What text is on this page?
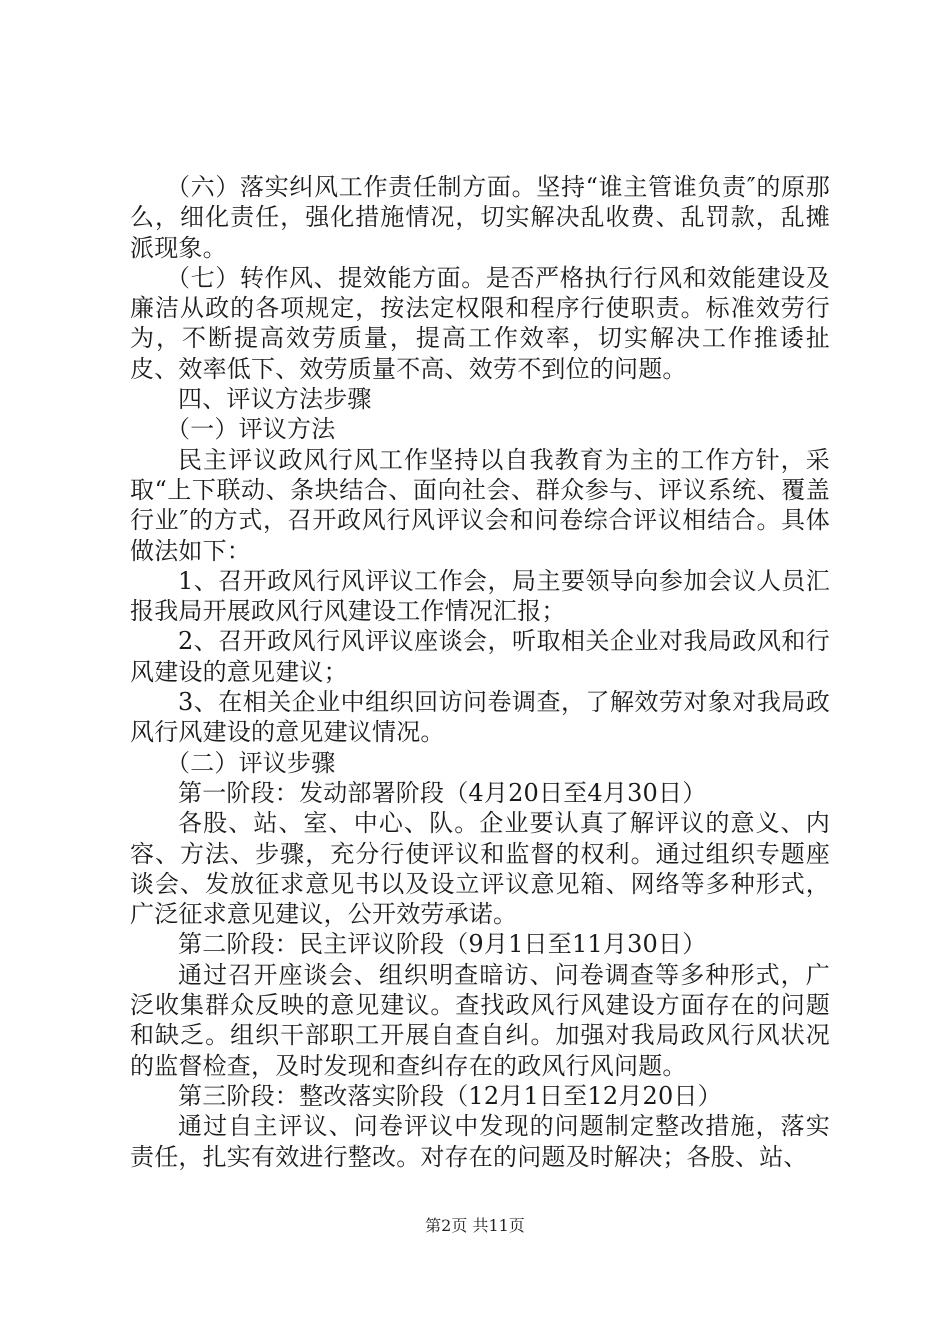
（六）落实纠风工作责任制方面。坚持“谁主管谁负责″的原那么，细化责任，强化措施情况，切实解决乱收费、乱罚款，乱摊派现象。

（七）转作风、提效能方面。是否严格执行行风和效能建设及廉洁从政的各项规定，按法定权限和程序行使职责。标准效劳行为，不断提高效劳质量，提高工作效率，切实解决工作推诿扯皮、效率低下、效劳质量不高、效劳不到位的问题。

四、评议方法步骤

（一）评议方法

民主评议政风行风工作坚持以自我教育为主的工作方针，采取“上下联动、条块结合、面向社会、群众参与、评议系统、覆盖行业″的方式，召开政风行风评议会和问卷综合评议相结合。具体做法如下：

1、召开政风行风评议工作会，局主要领导向参加会议人员汇报我局开展政风行风建设工作情况汇报；

2、召开政风行风评议座谈会，听取相关企业对我局政风和行风建设的意见建议；

3、在相关企业中组织回访问卷调查，了解效劳对象对我局政风行风建设的意见建议情况。

（二）评议步骤

第一阶段：发动部署阶段（4月20日至4月30日）

各股、站、室、中心、队。企业要认真了解评议的意义、内容、方法、步骤，充分行使评议和监督的权利。通过组织专题座谈会、发放征求意见书以及设立评议意见箱、网络等多种形式，广泛征求意见建议，公开效劳承诺。

第二阶段：民主评议阶段（9月1日至11月30日）

通过召开座谈会、组织明查暗访、问卷调查等多种形式，广泛收集群众反映的意见建议。查找政风行风建设方面存在的问题和缺乏。组织干部职工开展自查自纠。加强对我局政风行风状况的监督检查，及时发现和查纠存在的政风行风问题。

第三阶段：整改落实阶段（12月1日至12月20日）

通过自主评议、问卷评议中发现的问题制定整改措施，落实责任，扎实有效进行整改。对存在的问题及时解决；各股、站、

第2页 共11页
